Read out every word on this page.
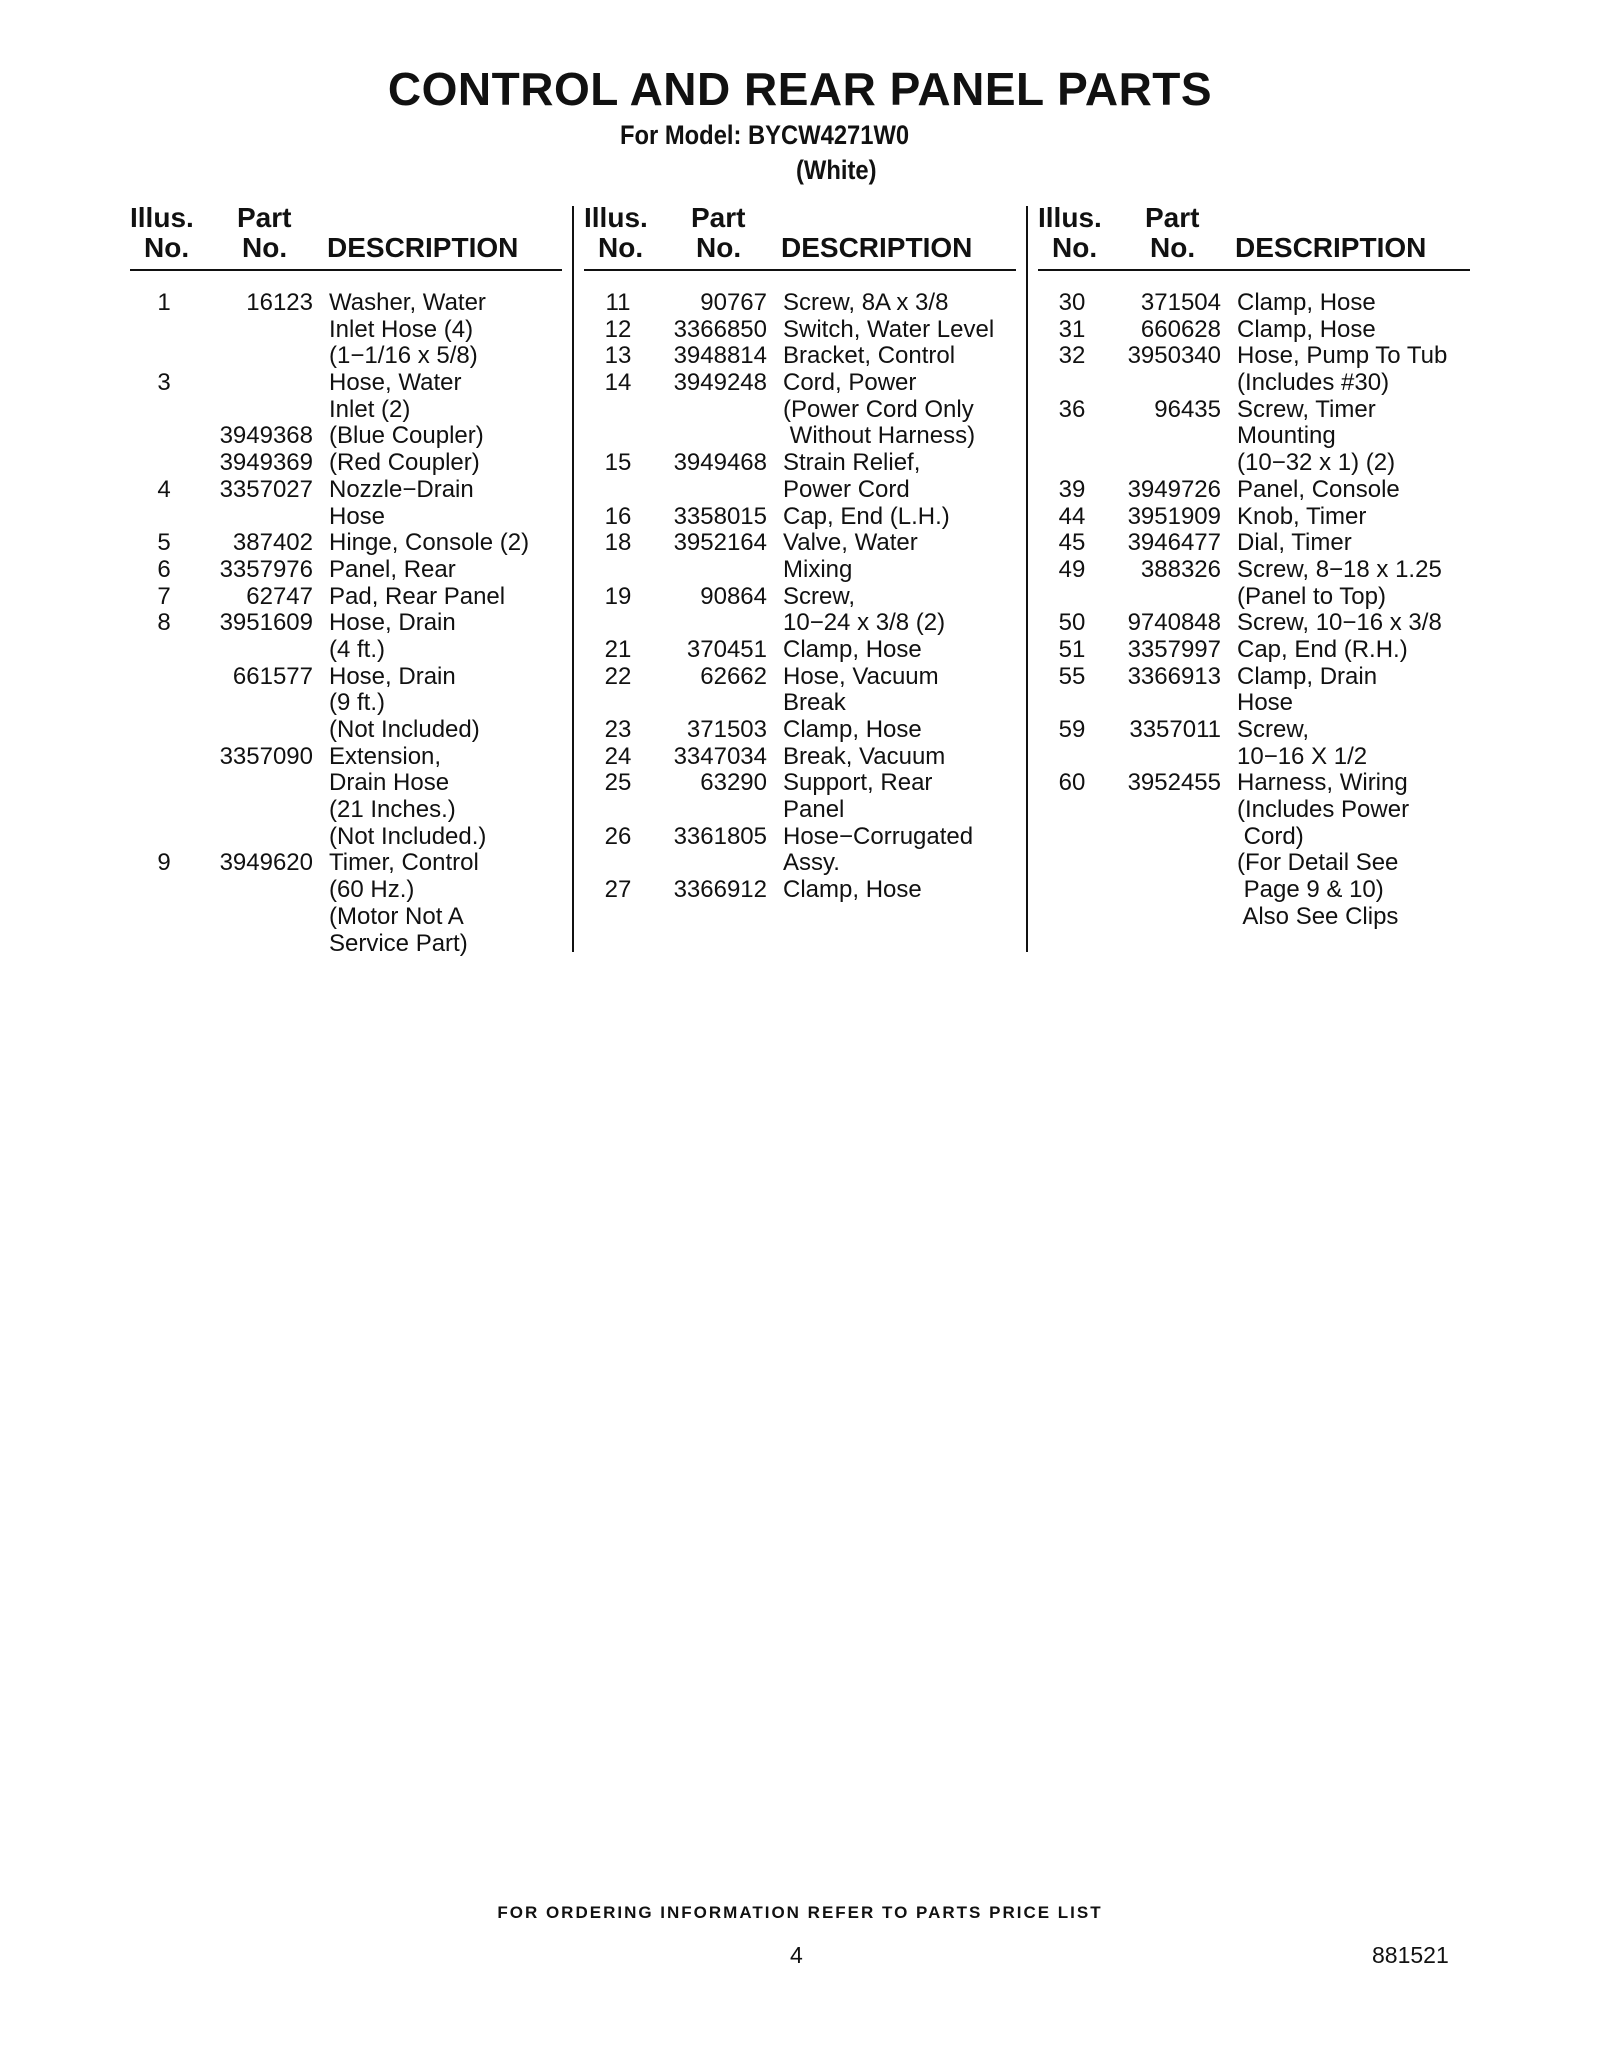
CONTROL AND REAR PANEL PARTS
For Model: BYCW4271W0
(White)
Illus.
No.
Part
No. DESCRIPTION
1	16123 Washer, Water
Inlet Hose (4)
(1−1/16 x 5/8)
3	Hose, Water
Inlet (2)
3949368 (Blue Coupler)
3949369 (Red Coupler)
4	3357027 Nozzle−Drain
Hose
5	387402 Hinge, Console (2)
6	3357976 Panel, Rear
7	62747 Pad, Rear Panel
8	3951609 Hose, Drain
(4 ft.)
661577 Hose, Drain
(9 ft.)
(Not Included)
3357090 Extension,
Drain Hose
(21 Inches.)
(Not Included.)
9	3949620 Timer, Control
(60 Hz.)
(Motor Not A
Service Part)
Illus.
No.
Part
No. DESCRIPTION
11	90767 Screw, 8A x 3/8
12	3366850 Switch, Water Level
13	3948814 Bracket, Control
14	3949248 Cord, Power
(Power Cord Only
Without Harness)
15	3949468 Strain Relief,
Power Cord
16	3358015 Cap, End (L.H.)
18	3952164 Valve, Water
Mixing
19	90864 Screw,
10−24 x 3/8 (2)
21	370451 Clamp, Hose
22	62662 Hose, Vacuum
Break
23	371503 Clamp, Hose
24	3347034 Break, Vacuum
25	63290 Support, Rear
Panel
26	3361805 Hose−Corrugated
Assy.
27	3366912 Clamp, Hose
Illus.
No.
Part
No. DESCRIPTION
30	371504 Clamp, Hose
31	660628 Clamp, Hose
32	3950340 Hose, Pump To Tub
(Includes #30)
36	96435 Screw, Timer
Mounting
(10−32 x 1) (2)
39	3949726 Panel, Console
44	3951909 Knob, Timer
45	3946477 Dial, Timer
49	388326 Screw, 8−18 x 1.25
(Panel to Top)
50	9740848 Screw, 10−16 x 3/8
51	3357997 Cap, End (R.H.)
55	3366913 Clamp, Drain
Hose
59	3357011 Screw,
10−16 X 1/2
60	3952455 Harness, Wiring
(Includes Power
Cord)
(For Detail See
Page 9 & 10)
Also See Clips
FOR ORDERING INFORMATION REFER TO PARTS PRICE LIST
4	881521
